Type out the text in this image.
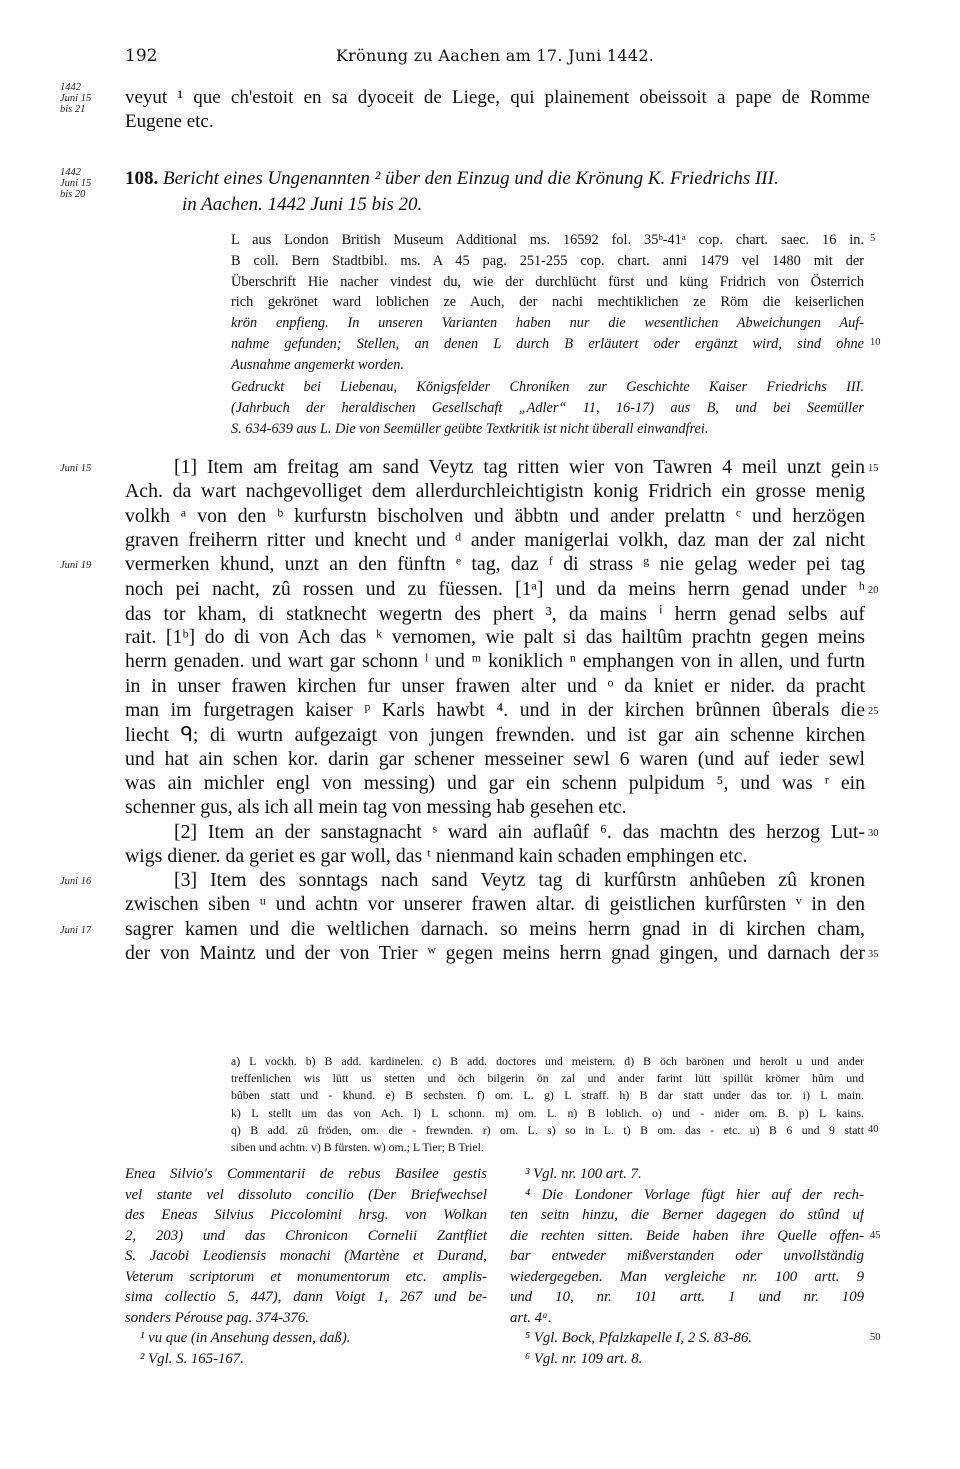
192	Krönung zu Aachen am 17. Juni 1442.
1442
Juni 15
bis 21
veyut ¹ que ch'estoit en sa dyoceit de Liege, qui plainement obeissoit a pape de Romme
Eugene etc.
1442
Juni 15
bis 20
108. Bericht eines Ungenannten ² über den Einzug und die Krönung K. Friedrichs III.
in Aachen. 1442 Juni 15 bis 20.
L aus London British Museum Additional ms. 16592 fol. 35ᵇ-41ᵃ cop. chart. saec. 16 in.
B coll. Bern Stadtbibl. ms. A 45 pag. 251-255 cop. chart. anni 1479 vel 1480 mit der
Überschrift Hie nacher vindest du, wie der durchlücht fürst und küng Fridrich von Österrich
rich gekrönet ward loblichen ze Auch, der nachi mechtiklichen ze Röm die keiserlichen
krön enpfieng. In unseren Varianten haben nur die wesentlichen Abweichungen Auf-
nahme gefunden; Stellen, an denen L durch B erläutert oder ergänzt wird, sind ohne
Ausnahme angemerkt worden.
Gedruckt bei Liebenau, Königsfelder Chroniken zur Geschichte Kaiser Friedrichs III.
(Jahrbuch der heraldischen Gesellschaft „Adler“ 11, 16-17) aus B, und bei Seemüller
S. 634-639 aus L. Die von Seemüller geübte Textkritik ist nicht überall einwandfrei.
5
10
[1] Item am freitag am sand Veytz tag ritten wier von Tawren 4 meil unzt gein
Ach. da wart nachgevolliget dem allerdurchleichtigistn konig Fridrich ein grosse menig
volkh ᵃ von den ᵇ kurfurstn bischolven und äbbtn und ander prelattn ᶜ und herzögen
graven freiherrn ritter und knecht und ᵈ ander manigerlai volkh, daz man der zal nicht
vermerken khund, unzt an den fünftn ᵉ tag, daz ᶠ di strass ᵍ nie gelag weder pei tag
noch pei nacht, zû rossen und zu füessen. [1ᵃ] und da meins herrn genad under ʰ
das tor kham, di statknecht wegertn des phert ³, da mains ⁱ herrn genad selbs auf
rait. [1ᵇ] do di von Ach das ᵏ vernomen, wie palt si das hailtûm prachtn gegen meins
herrn genaden. und wart gar schonn ˡ und ᵐ koniklich ⁿ emphangen von in allen, und furtn
in in unser frawen kirchen fur unser frawen alter und ᵒ da kniet er nider. da pracht
man im furgetragen kaiser ᵖ Karls hawbt ⁴. und in der kirchen brûnnen ûberals die
liecht ᑫ; di wurtn aufgezaigt von jungen frewnden. und ist gar ain schenne kirchen
und hat ain schen kor. darin gar schener messeiner sewl 6 waren (und auf ieder sewl
was ain michler engl von messing) und gar ein schenn pulpidum ⁵, und was ʳ ein
schenner gus, als ich all mein tag von messing hab gesehen etc.
[2] Item an der sanstagnacht ˢ ward ain auflaûf ⁶. das machtn des herzog Lut-
wigs diener. da geriet es gar woll, das ᵗ nienmand kain schaden emphingen etc.
[3] Item des sonntags nach sand Veytz tag di kurfûrstn anhûeben zû kronen
zwischen siben ᵘ und achtn vor unserer frawen altar. di geistlichen kurfûrsten ᵛ in den
sagrer kamen und die weltlichen darnach. so meins herrn gnad in di kirchen cham,
der von Maintz und der von Trier ʷ gegen meins herrn gnad gingen, und darnach der
Juni 15
Juni 19
Juni 16
Juni 17
15
20
25
30
35
a) L vockh. b) B add. kardinelen. c) B add. doctores und meistern. d) B öch barönen und herolt u und ander
treffenlichen wis lütt us stetten und öch bilgerin ön zal und ander farint lütt spillüt krömer hûrn und
bûben statt und - khund. e) B sechsten. f) om. L. g) L straff. h) B dar statt under das tor. i) L main.
k) L stellt um das von Ach. l) L schonn. m) om. L. n) B loblich. o) und - nider om. B. p) L kains.
q) B add. zû fröden, om. die - frewnden. r) om. L. s) so in L. t) B om. das - etc. u) B 6 und 9 statt
siben und achtn. v) B fürsten. w) om.; L Tier; B Triel.
40
Enea Silvio's Commentarii de rebus Basilee gestis
vel stante vel dissoluto concilio (Der Briefwechsel
des Eneas Silvius Piccolomini hrsg. von Wolkan
2, 203) und das Chronicon Cornelii Zantfliet
S. Jacobi Leodiensis monachi (Martène et Durand,
Veterum scriptorum et monumentorum etc. amplis-
sima collectio 5, 447), dann Voigt 1, 267 und be-
sonders Pérouse pag. 374-376.
¹ vu que (in Ansehung dessen, daß).
² Vgl. S. 165-167.
³ Vgl. nr. 100 art. 7.
⁴ Die Londoner Vorlage fügt hier auf der rech-
ten seitn hinzu, die Berner dagegen do stûnd uf
die rechten sitten. Beide haben ihre Quelle offen-
bar entweder mißverstanden oder unvollständig
wiedergegeben. Man vergleiche nr. 100 artt. 9
und 10, nr. 101 artt. 1 und nr. 109
art. 4ᵃ.
⁵ Vgl. Bock, Pfalzkapelle I, 2 S. 83-86.
⁶ Vgl. nr. 109 art. 8.
45
50
